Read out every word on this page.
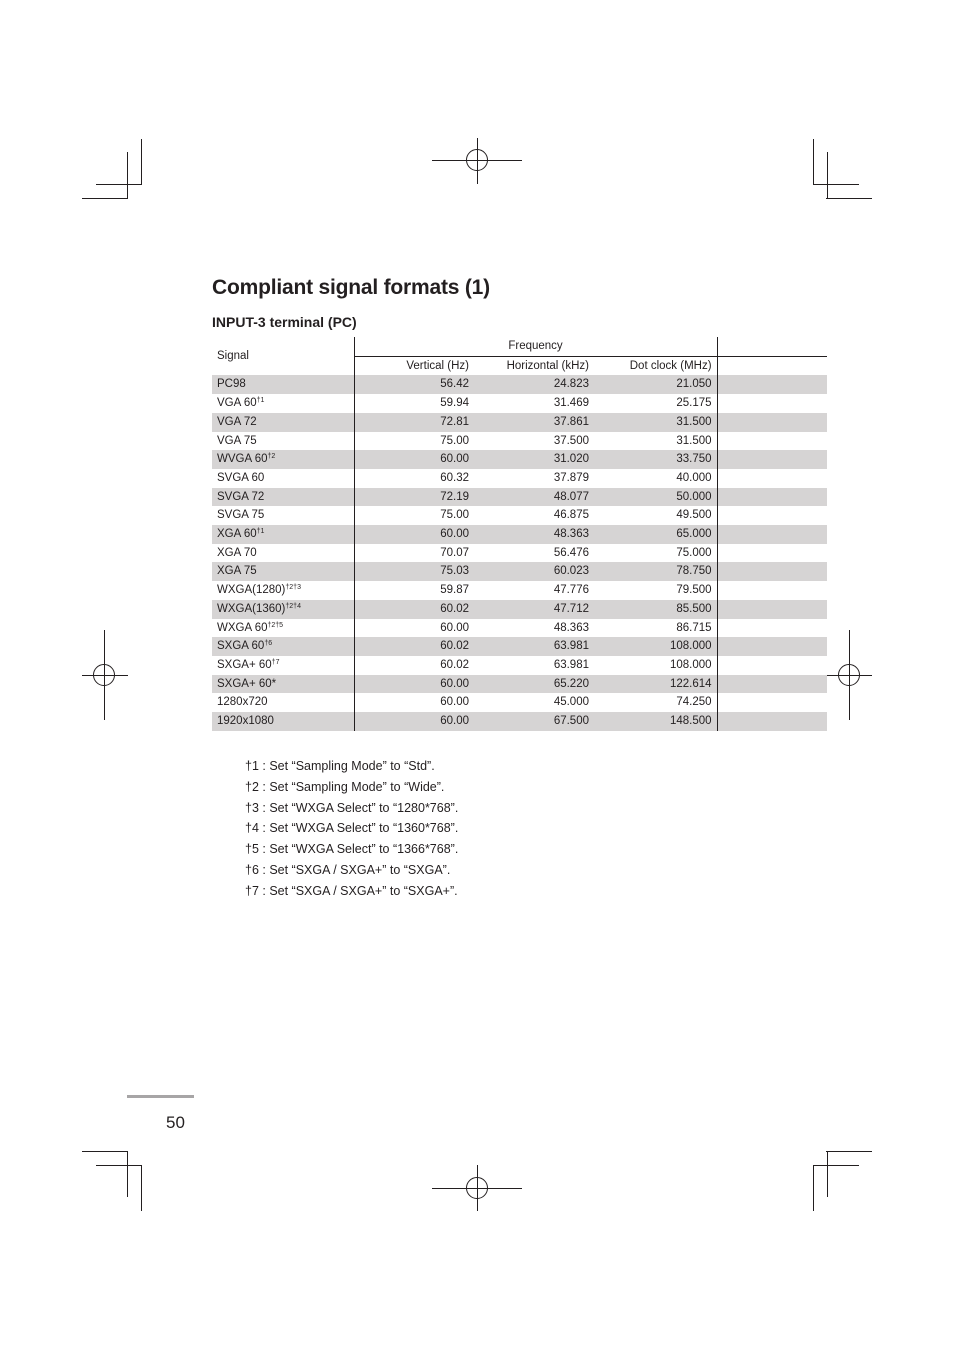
Compliant signal formats (1)
INPUT-3 terminal (PC)
Signal	Frequency			
	Vertical (Hz)	Horizontal (kHz)	Dot clock (MHz)	
PC98	56.42	24.823	21.050	
VGA 60$^{\dagger 1}$	59.94	31.469	25.175	
VGA 72	72.81	37.861	31.500	
VGA 75	75.00	37.500	31.500	
WVGA 60$^{\dagger 2}$	60.00	31.020	33.750	
SVGA 60	60.32	37.879	40.000	
SVGA 72	72.19	48.077	50.000	
SVGA 75	75.00	46.875	49.500	
XGA 60$^{\dagger 1}$	60.00	48.363	65.000	
XGA 70	70.07	56.476	75.000	
XGA 75	75.03	60.023	78.750	
$WXGA(1280)^{\dagger 2\dagger 3}$	59.87	47.776	79.500	
$WXGA(1360)^{\dagger 2\dagger 4}$	60.02	47.712	85.500	
WXGA $60^{\dagger 2\dagger 5}$	60.00	48.363	86.715	
SXGA 60$^{\dagger 6}$	60.02	63.981	108.000	
SXGA+ $60^{\dagger 7}$	60.02	63.981	108.000	
SXGA+ 60*	60.00	65.220	122.614	
1280x720	60.00	45.000	74.250	
1920x1080	60.00	67.500	148.500	
†1 : Set “Sampling Mode” to “Std”.
†2 : Set “Sampling Mode” to “Wide”.
†3 : Set “WXGA Select” to “1280*768”.
†4 : Set “WXGA Select” to “1360*768”.
†5 : Set “WXGA Select” to “1366*768”.
†6 : Set “SXGA / SXGA+” to “SXGA”.
†7 : Set “SXGA / SXGA+” to “SXGA+”.
50
